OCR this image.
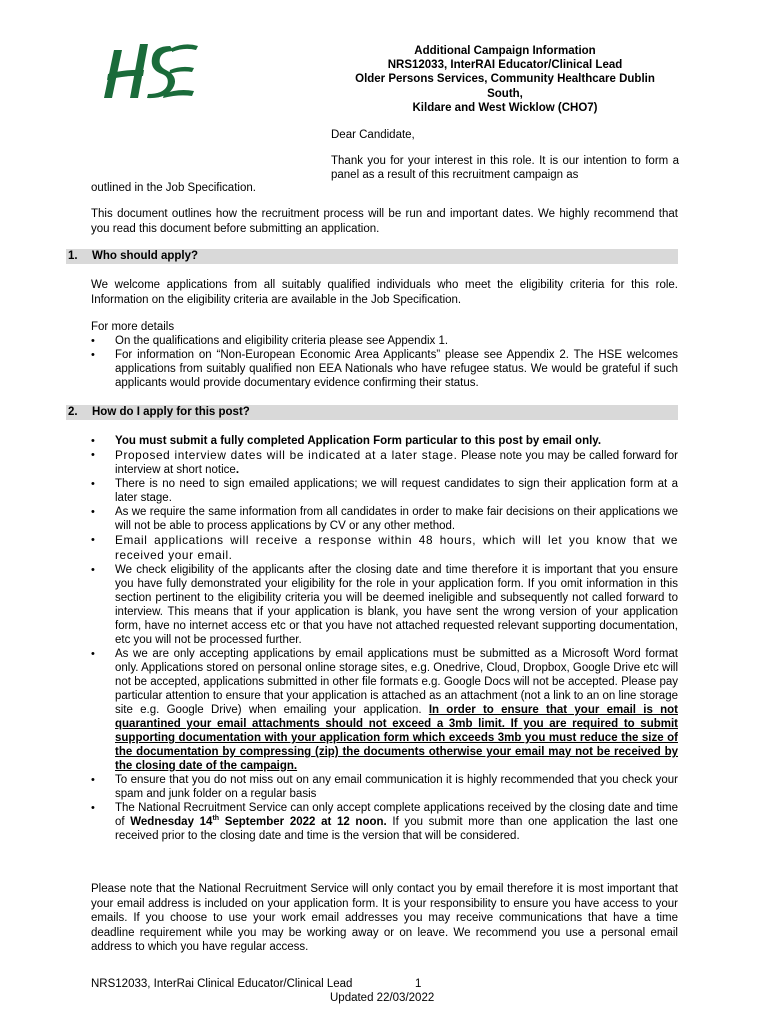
Additional Campaign Information
NRS12033, InterRAI Educator/Clinical Lead
Older Persons Services, Community Healthcare Dublin
South,
Kildare and West Wicklow (CHO7)
Dear Candidate,
Thank you for your interest in this role. It is our intention to form a panel as a result of this recruitment campaign as
outlined in the Job Specification.
This document outlines how the recruitment process will be run and important dates. We highly recommend that you read this document before submitting an application.
1. Who should apply?
We welcome applications from all suitably qualified individuals who meet the eligibility criteria for this role. Information on the eligibility criteria are available in the Job Specification.
For more details
• On the qualifications and eligibility criteria please see Appendix 1.
• For information on “Non-European Economic Area Applicants” please see Appendix 2. The HSE welcomes applications from suitably qualified non EEA Nationals who have refugee status. We would be grateful if such applicants would provide documentary evidence confirming their status.
2. How do I apply for this post?
• You must submit a fully completed Application Form particular to this post by email only.
• Proposed interview dates will be indicated at a later stage. Please note you may be called forward for interview at short notice.
• There is no need to sign emailed applications; we will request candidates to sign their application form at a later stage.
• As we require the same information from all candidates in order to make fair decisions on their applications we will not be able to process applications by CV or any other method.
• Email applications will receive a response within 48 hours, which will let you know that we received your email.
• We check eligibility of the applicants after the closing date and time therefore it is important that you ensure you have fully demonstrated your eligibility for the role in your application form. If you omit information in this section pertinent to the eligibility criteria you will be deemed ineligible and subsequently not called forward to interview. This means that if your application is blank, you have sent the wrong version of your application form, have no internet access etc or that you have not attached requested relevant supporting documentation, etc you will not be processed further.
• As we are only accepting applications by email applications must be submitted as a Microsoft Word format only. Applications stored on personal online storage sites, e.g. Onedrive, Cloud, Dropbox, Google Drive etc will not be accepted, applications submitted in other file formats e.g. Google Docs will not be accepted. Please pay particular attention to ensure that your application is attached as an attachment (not a link to an on line storage site e.g. Google Drive) when emailing your application. In order to ensure that your email is not quarantined your email attachments should not exceed a 3mb limit. If you are required to submit supporting documentation with your application form which exceeds 3mb you must reduce the size of the documentation by compressing (zip) the documents otherwise your email may not be received by the closing date of the campaign.
• To ensure that you do not miss out on any email communication it is highly recommended that you check your spam and junk folder on a regular basis
• The National Recruitment Service can only accept complete applications received by the closing date and time of Wednesday 14th September 2022 at 12 noon. If you submit more than one application the last one received prior to the closing date and time is the version that will be considered.
Please note that the National Recruitment Service will only contact you by email therefore it is most important that your email address is included on your application form. It is your responsibility to ensure you have access to your emails. If you choose to use your work email addresses you may receive communications that have a time deadline requirement while you may be working away or on leave. We recommend you use a personal email address to which you have regular access.
NRS12033, InterRai Clinical Educator/Clinical Lead	1
Updated 22/03/2022
